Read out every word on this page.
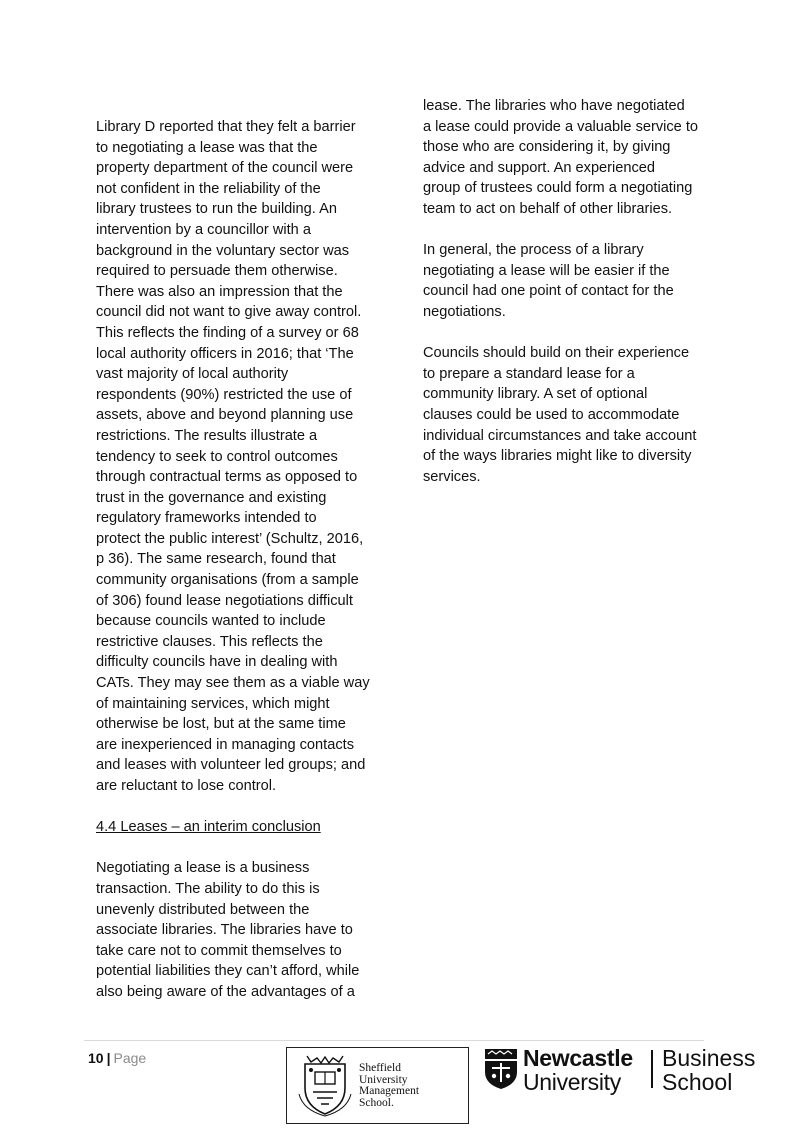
Library D reported that they felt a barrier
to negotiating a lease was that the
property department of the council were
not confident in the reliability of the
library trustees to run the building. An
intervention by a councillor with a
background in the voluntary sector was
required to persuade them otherwise.
There was also an impression that the
council did not want to give away control.
This reflects the finding of a survey or 68
local authority officers in 2016; that ‘The
vast majority of local authority
respondents (90%) restricted the use of
assets, above and beyond planning use
restrictions. The results illustrate a
tendency to seek to control outcomes
through contractual terms as opposed to
trust in the governance and existing
regulatory frameworks intended to
protect the public interest’ (Schultz, 2016,
p 36). The same research, found that
community organisations (from a sample
of 306) found lease negotiations difficult
because councils wanted to include
restrictive clauses. This reflects the
difficulty councils have in dealing with
CATs. They may see them as a viable way
of maintaining services, which might
otherwise be lost, but at the same time
are inexperienced in managing contacts
and leases with volunteer led groups; and
are reluctant to lose control.

4.4 Leases – an interim conclusion

Negotiating a lease is a business
transaction. The ability to do this is
unevenly distributed between the
associate libraries. The libraries have to
take care not to commit themselves to
potential liabilities they can’t afford, while
also being aware of the advantages of a

lease. The libraries who have negotiated
a lease could provide a valuable service to
those who are considering it, by giving
advice and support. An experienced
group of trustees could form a negotiating
team to act on behalf of other libraries.

In general, the process of a library
negotiating a lease will be easier if the
council had one point of contact for the
negotiations.

Councils should build on their experience
to prepare a standard lease for a
community library. A set of optional
clauses could be used to accommodate
individual circumstances and take account
of the ways libraries might like to diversity
services.

10 | Page
Sheffield
University
Management
School.
Newcastle
University
Business
School
